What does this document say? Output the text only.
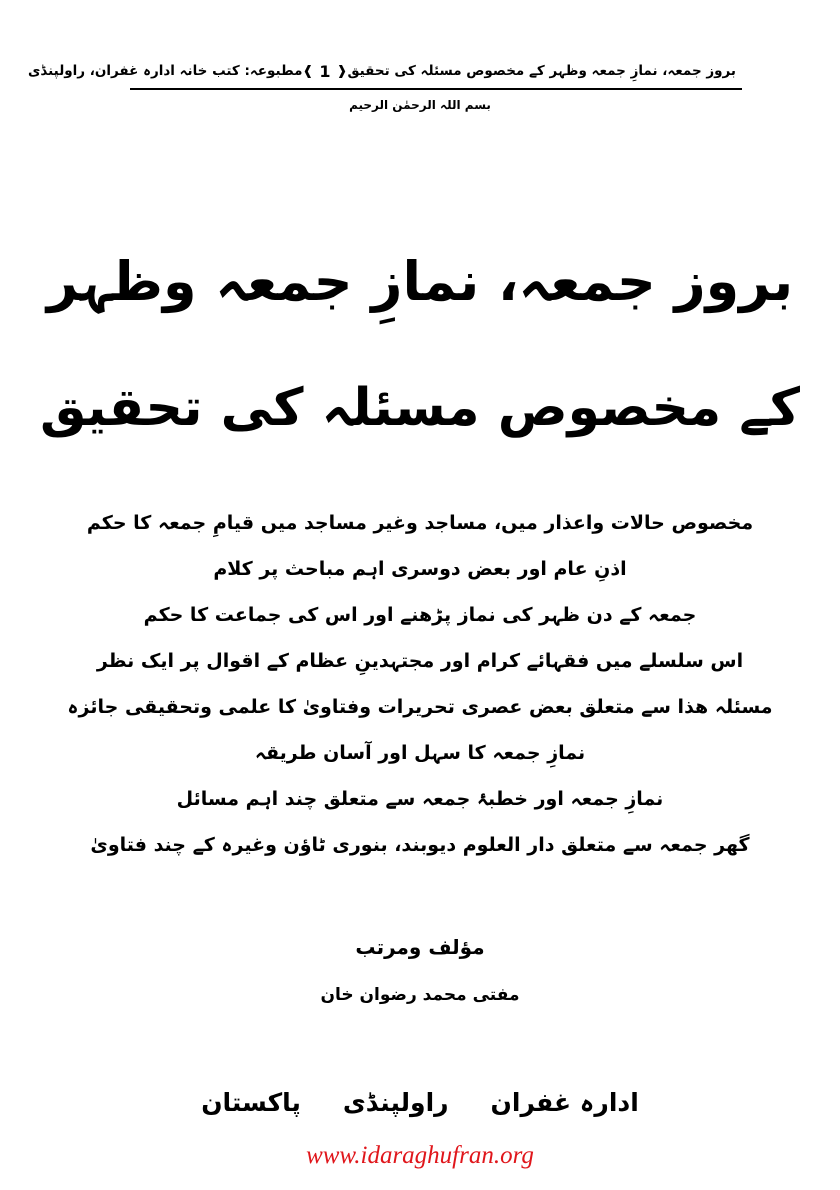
بروز جمعہ، نمازِ جمعہ وظہر کے مخصوص مسئلہ کی تحقیق
❰ 1 ❱
مطبوعہ: کتب خانہ ادارہ غفران، راولپنڈی
بسم اللہ الرحمٰن الرحیم
بروز جمعہ، نمازِ جمعہ وظہر
کے مخصوص مسئلہ کی تحقیق
مخصوص حالات واعذار میں، مساجد وغیر مساجد میں قیامِ جمعہ کا حکم
اذنِ عام اور بعض دوسری اہم مباحث پر کلام
جمعہ کے دن ظہر کی نماز پڑھنے اور اس کی جماعت کا حکم
اس سلسلے میں فقہائے کرام اور مجتہدینِ عظام کے اقوال پر ایک نظر
مسئلہ ھذا سے متعلق بعض عصری تحریرات وفتاویٰ کا علمی وتحقیقی جائزہ
نمازِ جمعہ کا سہل اور آسان طریقہ
نمازِ جمعہ اور خطبۂ جمعہ سے متعلق چند اہم مسائل
گھر جمعہ سے متعلق دار العلوم دیوبند، بنوری ٹاؤن وغیرہ کے چند فتاویٰ
مؤلف ومرتب
مفتی محمد رضوان خان
ادارہ غفران
راولپنڈی
پاکستان
www.idaraghufran.org
